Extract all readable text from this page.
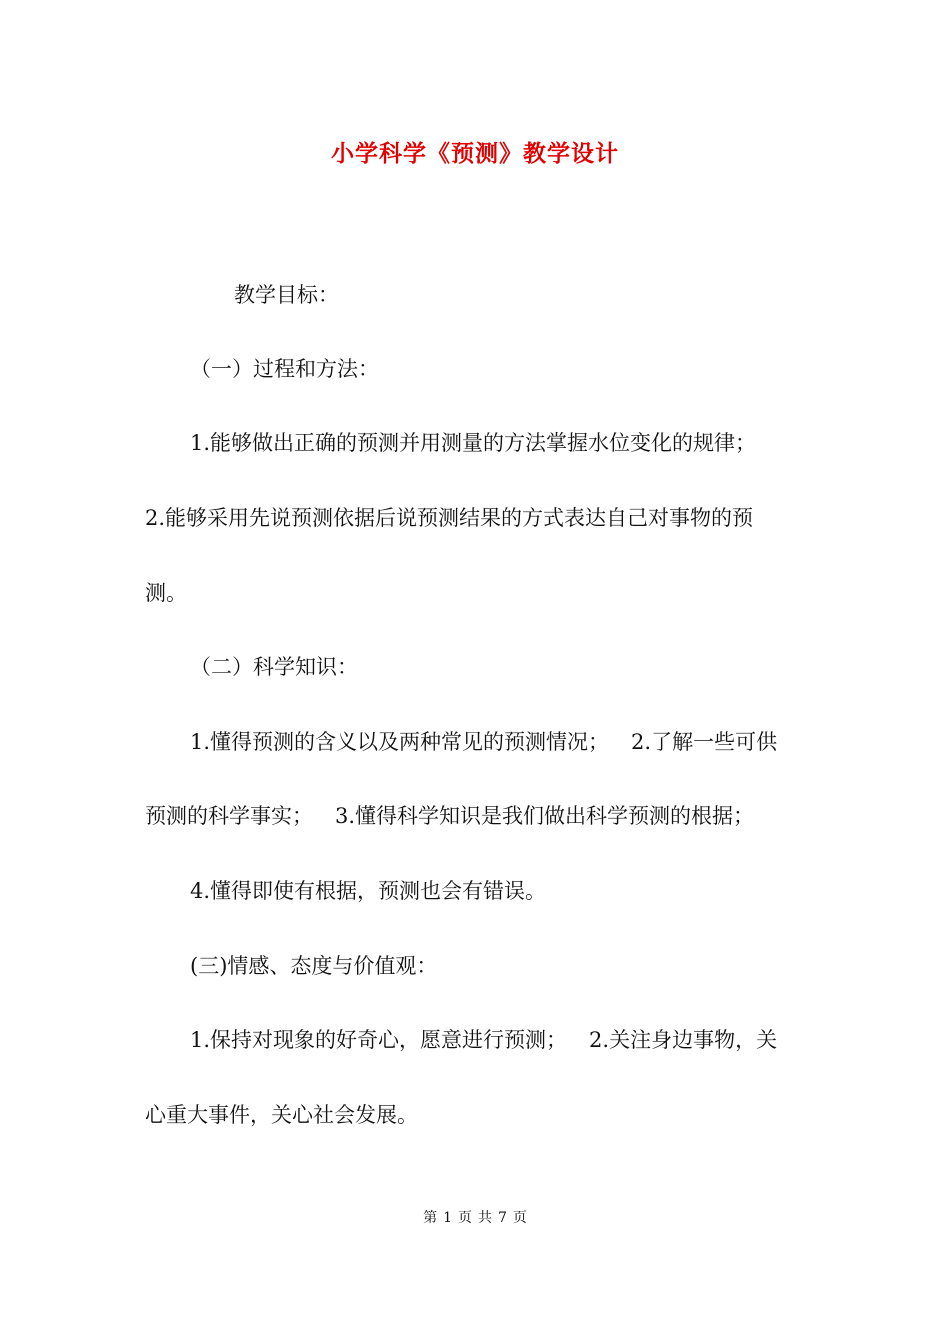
小学科学《预测》教学设计
教学目标：
（一）过程和方法：
1.能够做出正确的预测并用测量的方法掌握水位变化的规律；
2.能够采用先说预测依据后说预测结果的方式表达自己对事物的预
测。
（二）科学知识：
1.懂得预测的含义以及两种常见的预测情况； 2.了解一些可供
预测的科学事实； 3.懂得科学知识是我们做出科学预测的根据；
4.懂得即使有根据，预测也会有错误。
(三)情感、态度与价值观：
1.保持对现象的好奇心，愿意进行预测； 2.关注身边事物，关
心重大事件，关心社会发展。
第 1 页 共 7 页
